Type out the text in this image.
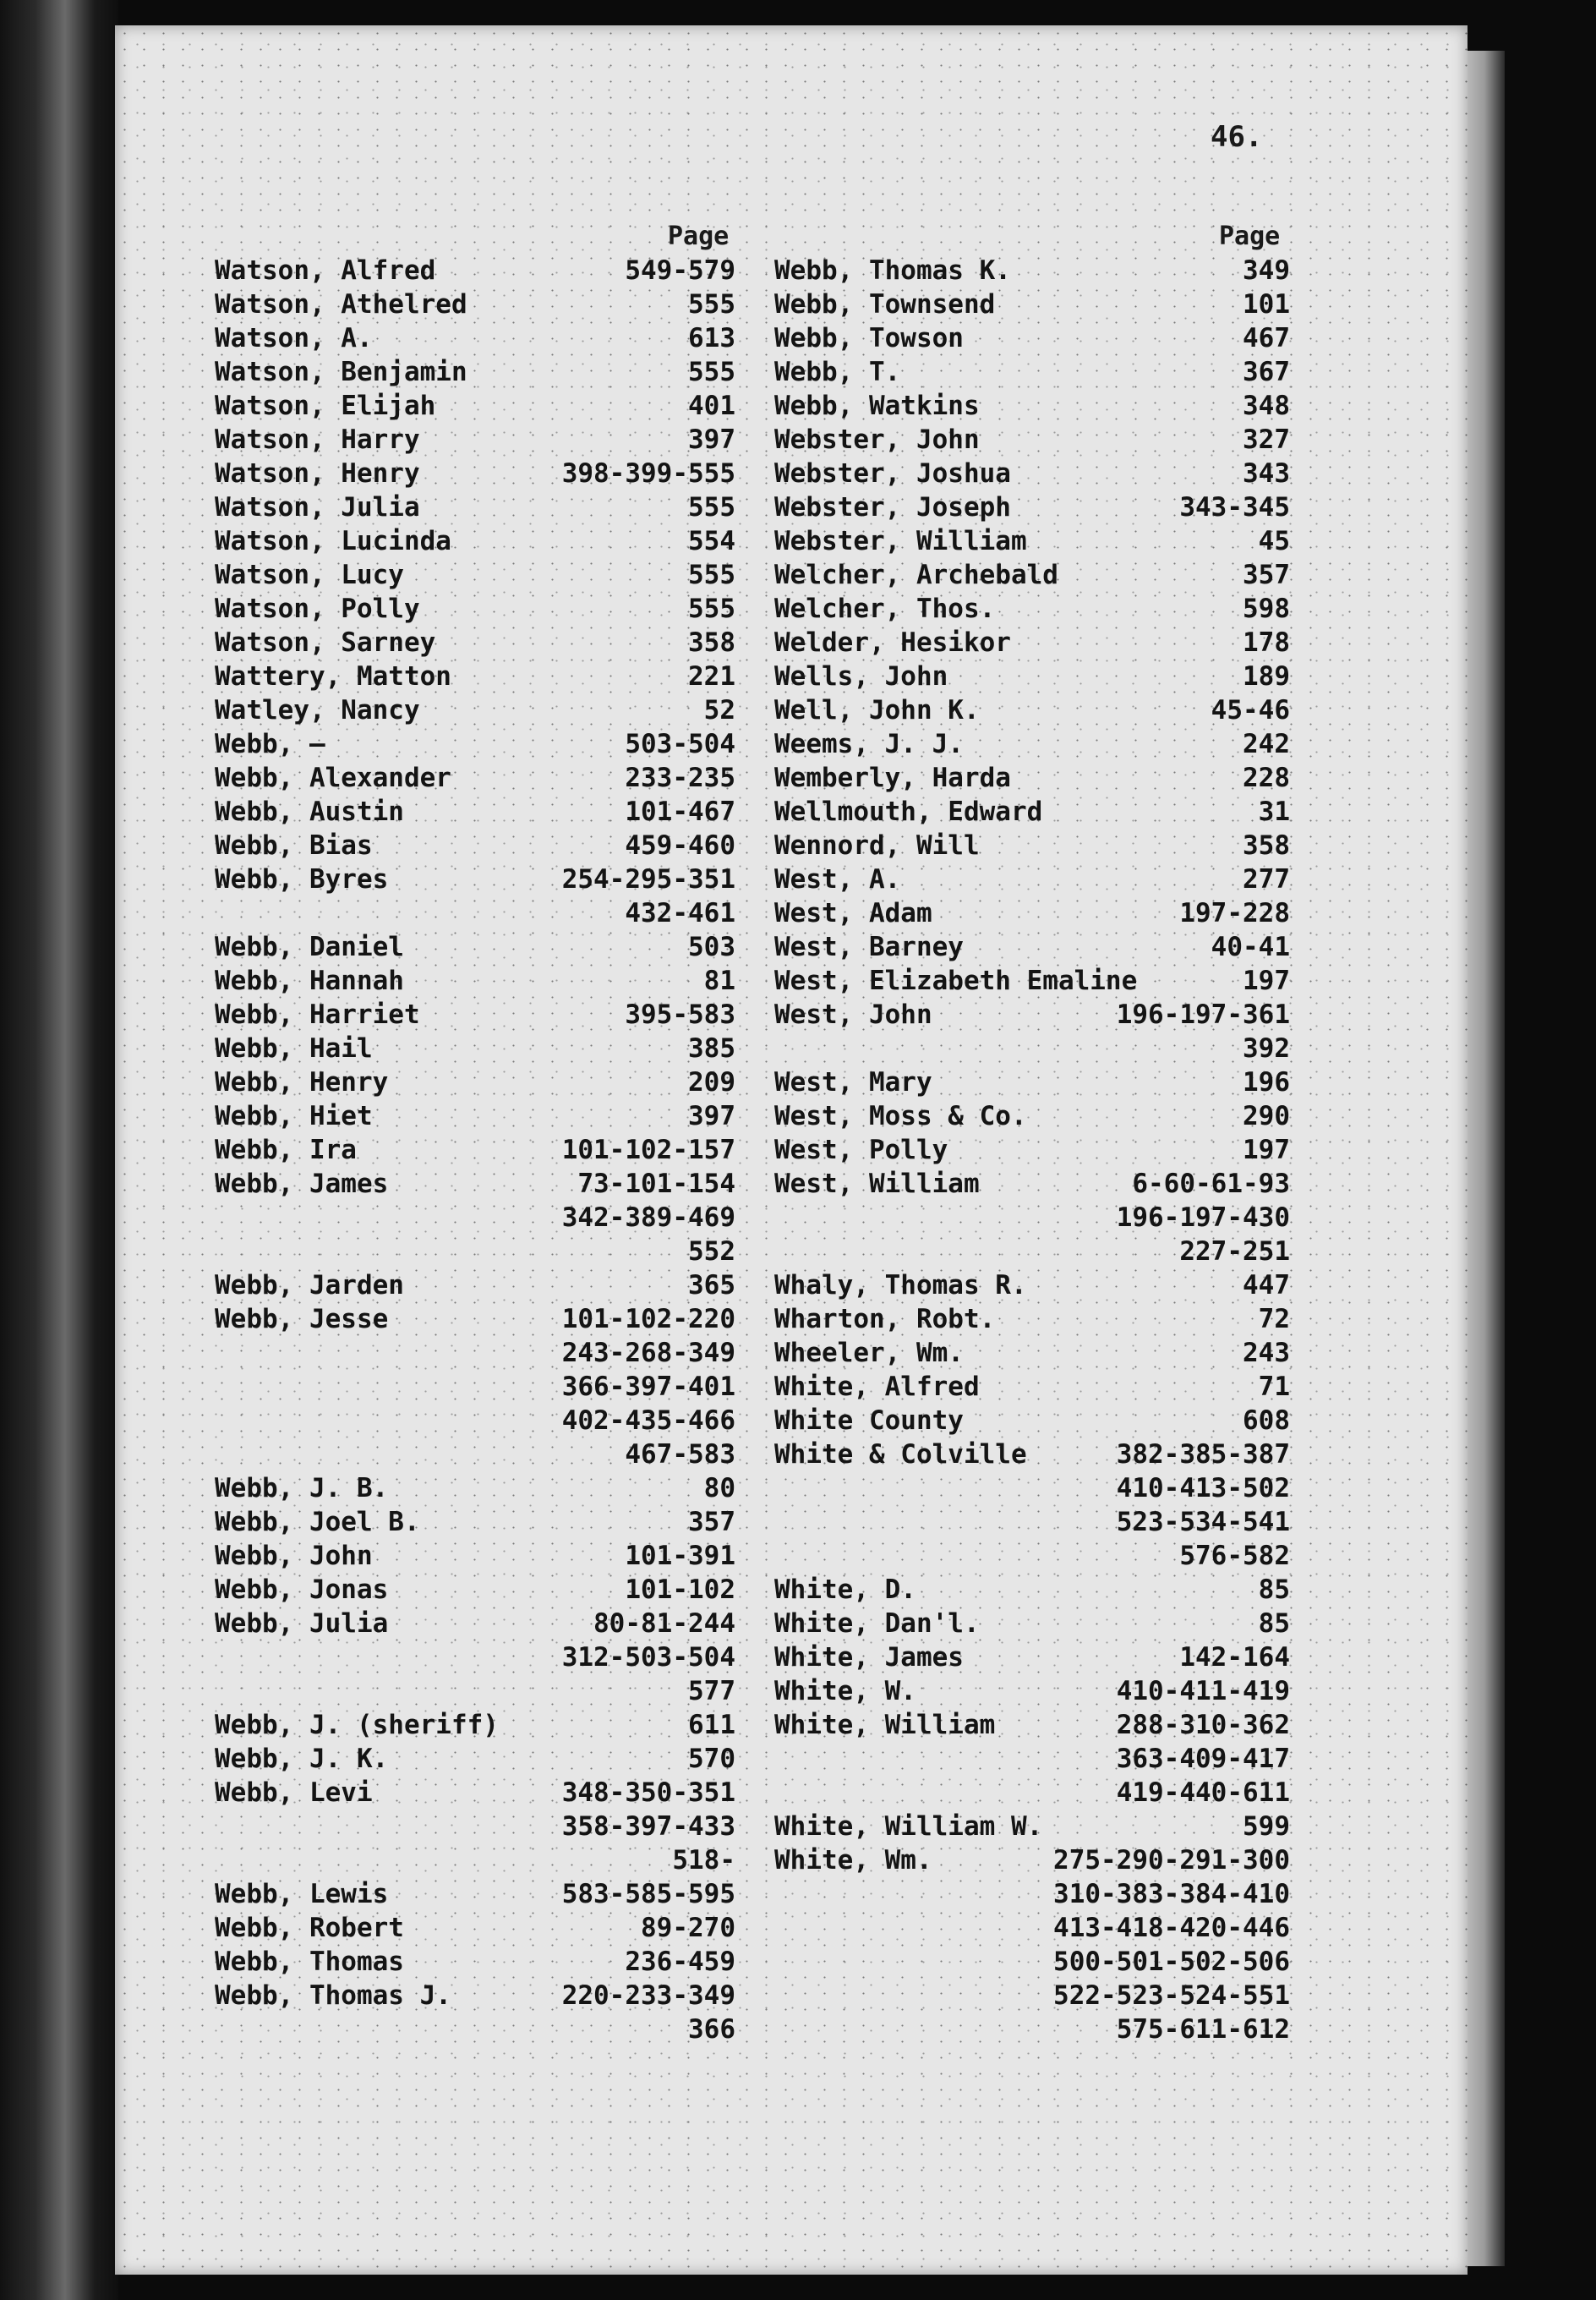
46.
Page	Page
Watson, Alfred	549-579
Watson, Athelred	555
Watson, A.	613
Watson, Benjamin	555
Watson, Elijah	401
Watson, Harry	397
Watson, Henry	398-399-555
Watson, Julia	555
Watson, Lucinda	554
Watson, Lucy	555
Watson, Polly	555
Watson, Sarney	358
Wattery, Matton	221
Watley, Nancy	52
Webb, —	503-504
Webb, Alexander	233-235
Webb, Austin	101-467
Webb, Bias	459-460
Webb, Byres	254-295-351
432-461
Webb, Daniel	503
Webb, Hannah	81
Webb, Harriet	395-583
Webb, Hail	385
Webb, Henry	209
Webb, Hiet	397
Webb, Ira	101-102-157
Webb, James	73-101-154
342-389-469
552
Webb, Jarden	365
Webb, Jesse	101-102-220
243-268-349
366-397-401
402-435-466
467-583
Webb, J. B.	80
Webb, Joel B.	357
Webb, John	101-391
Webb, Jonas	101-102
Webb, Julia	80-81-244
312-503-504
577
Webb, J. (sheriff)	611
Webb, J. K.	570
Webb, Levi	348-350-351
358-397-433
518-
Webb, Lewis	583-585-595
Webb, Robert	89-270
Webb, Thomas	236-459
Webb, Thomas J.	220-233-349
366
Webb, Thomas K.	349
Webb, Townsend	101
Webb, Towson	467
Webb, T.	367
Webb, Watkins	348
Webster, John	327
Webster, Joshua	343
Webster, Joseph	343-345
Webster, William	45
Welcher, Archebald	357
Welcher, Thos.	598
Welder, Hesikor	178
Wells, John	189
Well, John K.	45-46
Weems, J. J.	242
Wemberly, Harda	228
Wellmouth, Edward	31
Wennord, Will	358
West, A.	277
West, Adam	197-228
West, Barney	40-41
West, Elizabeth Emaline	197
West, John	196-197-361
392
West, Mary	196
West, Moss & Co.	290
West, Polly	197
West, William	6-60-61-93
196-197-430
227-251
Whaly, Thomas R.	447
Wharton, Robt.	72
Wheeler, Wm.	243
White, Alfred	71
White County	608
White & Colville	382-385-387
410-413-502
523-534-541
576-582
White, D.	85
White, Dan'l.	85
White, James	142-164
White, W.	410-411-419
White, William	288-310-362
363-409-417
419-440-611
White, William W.	599
White, Wm.	275-290-291-300
310-383-384-410
413-418-420-446
500-501-502-506
522-523-524-551
575-611-612
